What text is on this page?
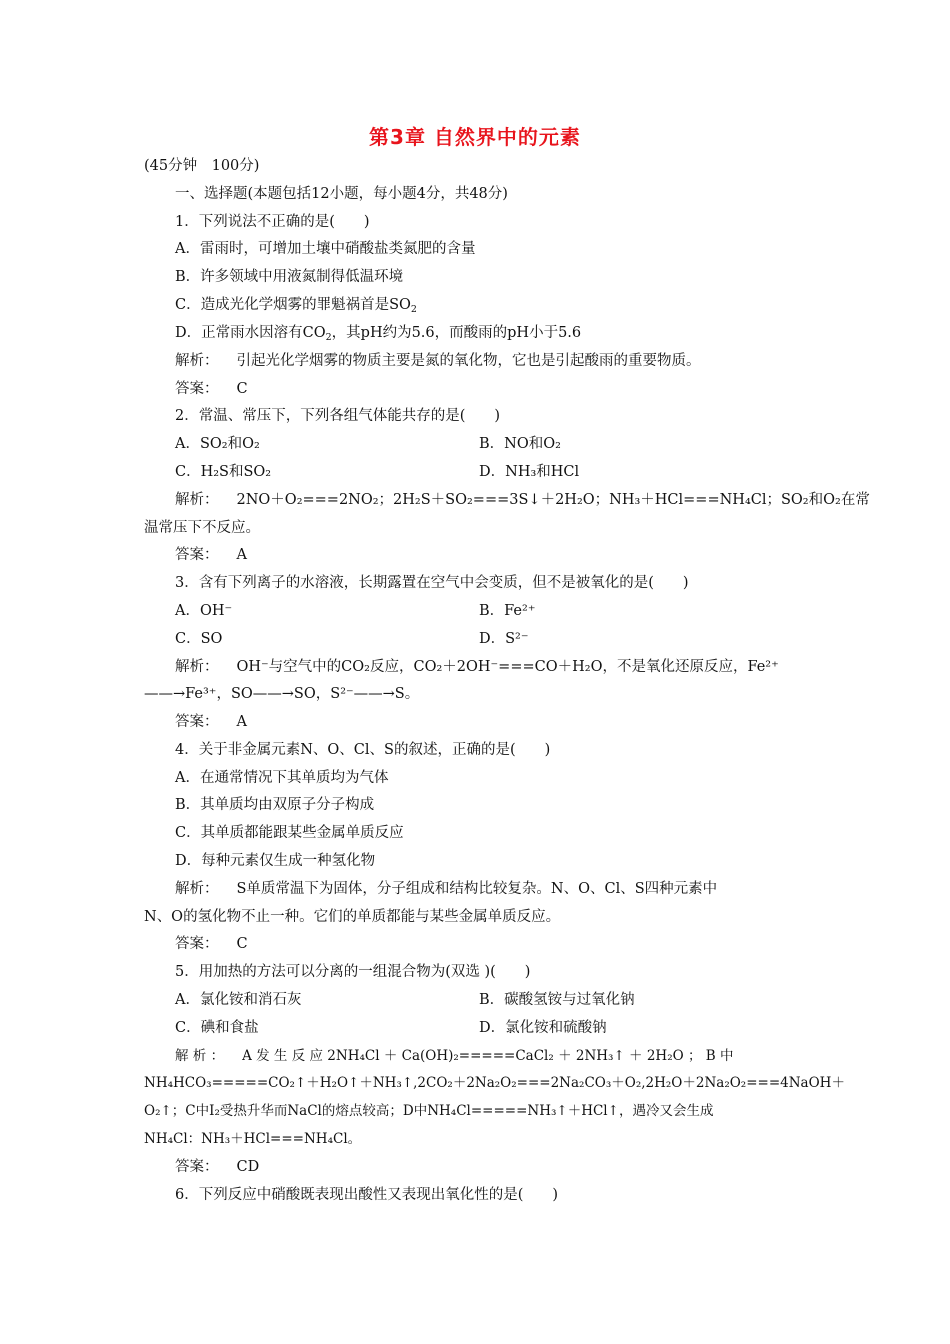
第3章 自然界中的元素
(45分钟　100分)
一、选择题(本题包括12小题，每小题4分，共48分)
1．下列说法不正确的是(　　)
A．雷雨时，可增加土壤中硝酸盐类氮肥的含量
B．许多领域中用液氮制得低温环境
C．造成光化学烟雾的罪魁祸首是$SO_2$
D．正常雨水因溶有$CO_2$，其pH约为5.6，而酸雨的pH小于5.6
解析： 引起光化学烟雾的物质主要是氮的氧化物，它也是引起酸雨的重要物质。
答案： C
2．常温、常压下，下列各组气体能共存的是(　　)
A．SO₂和O₂	B．NO和O₂
C．H₂S和SO₂	D．NH₃和HCl
解析： 2NO＋O₂===2NO₂；2H₂S＋SO₂===3S↓＋2H₂O；NH₃＋HCl===NH₄Cl；SO₂和O₂在常
温常压下不反应。
答案： A
3．含有下列离子的水溶液，长期露置在空气中会变质，但不是被氧化的是(　　)
A．OH⁻	B．Fe²⁺
C．SO	D．S²⁻
解析： OH⁻与空气中的CO₂反应，CO₂＋2OH⁻===CO＋H₂O，不是氧化还原反应，Fe²⁺
——→Fe³⁺，SO——→SO，S²⁻——→S。
答案： A
4．关于非金属元素N、O、Cl、S的叙述，正确的是(　　)
A．在通常情况下其单质均为气体
B．其单质均由双原子分子构成
C．其单质都能跟某些金属单质反应
D．每种元素仅生成一种氢化物
解析： S单质常温下为固体，分子组成和结构比较复杂。N、O、Cl、S四种元素中
N、O的氢化物不止一种。它们的单质都能与某些金属单质反应。
答案： C
5．用加热的方法可以分离的一组混合物为(双选 )(　　)
A．氯化铵和消石灰	B．碳酸氢铵与过氧化钠
C．碘和食盐	D．氯化铵和硫酸钠
解 析 ： A 发 生 反 应 2NH₄Cl ＋ Ca(OH)₂=====CaCl₂ ＋ 2NH₃↑ ＋ 2H₂O ； B 中
NH₄HCO₃=====CO₂↑＋H₂O↑＋NH₃↑,2CO₂＋2Na₂O₂===2Na₂CO₃＋O₂,2H₂O＋2Na₂O₂===4NaOH＋
O₂↑；C中I₂受热升华而NaCl的熔点较高；D中NH₄Cl=====NH₃↑＋HCl↑，遇冷又会生成
NH₄Cl：NH₃＋HCl===NH₄Cl。
答案： CD
6．下列反应中硝酸既表现出酸性又表现出氧化性的是(　　)
